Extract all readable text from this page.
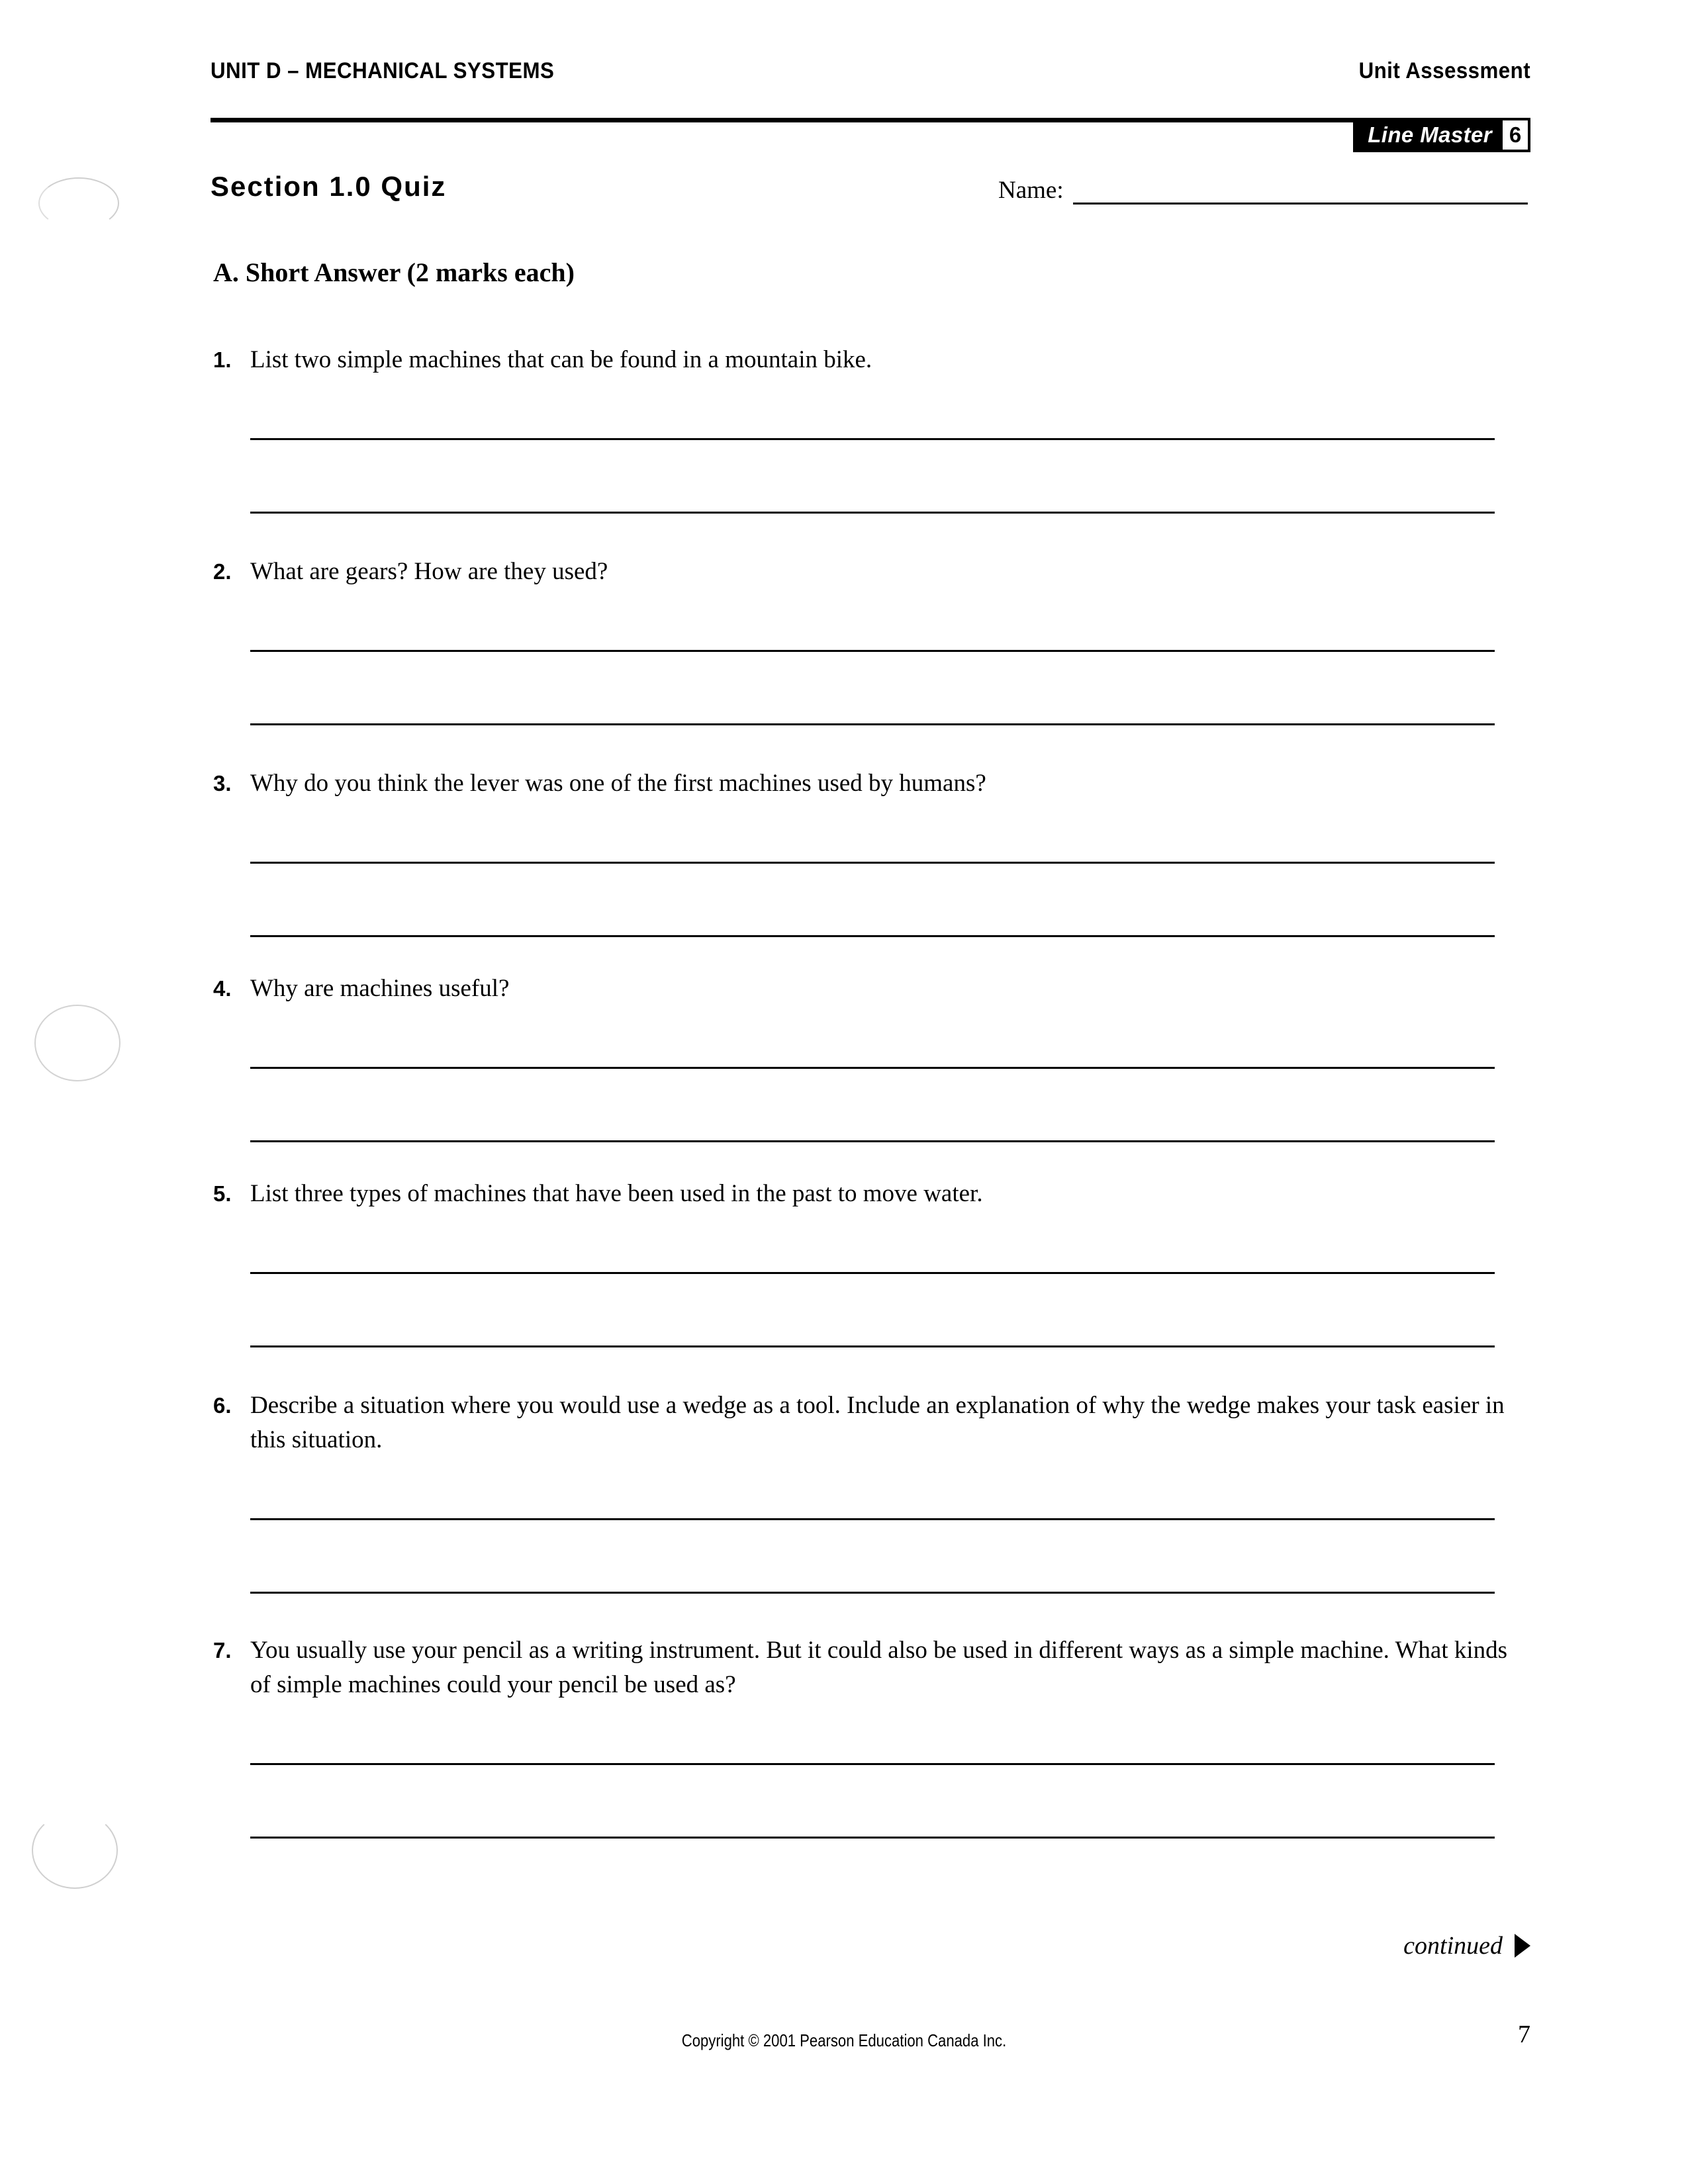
UNIT D – MECHANICAL SYSTEMS	Unit Assessment
Line Master 6
Section 1.0 Quiz	Name:
A. Short Answer (2 marks each)
1. List two simple machines that can be found in a mountain bike.
2. What are gears? How are they used?
3. Why do you think the lever was one of the first machines used by humans?
4. Why are machines useful?
5. List three types of machines that have been used in the past to move water.
6. Describe a situation where you would use a wedge as a tool. Include an explanation of why the wedge makes your task easier in this situation.
7. You usually use your pencil as a writing instrument. But it could also be used in different ways as a simple machine. What kinds of simple machines could your pencil be used as?
continued
Copyright © 2001 Pearson Education Canada Inc.	7
